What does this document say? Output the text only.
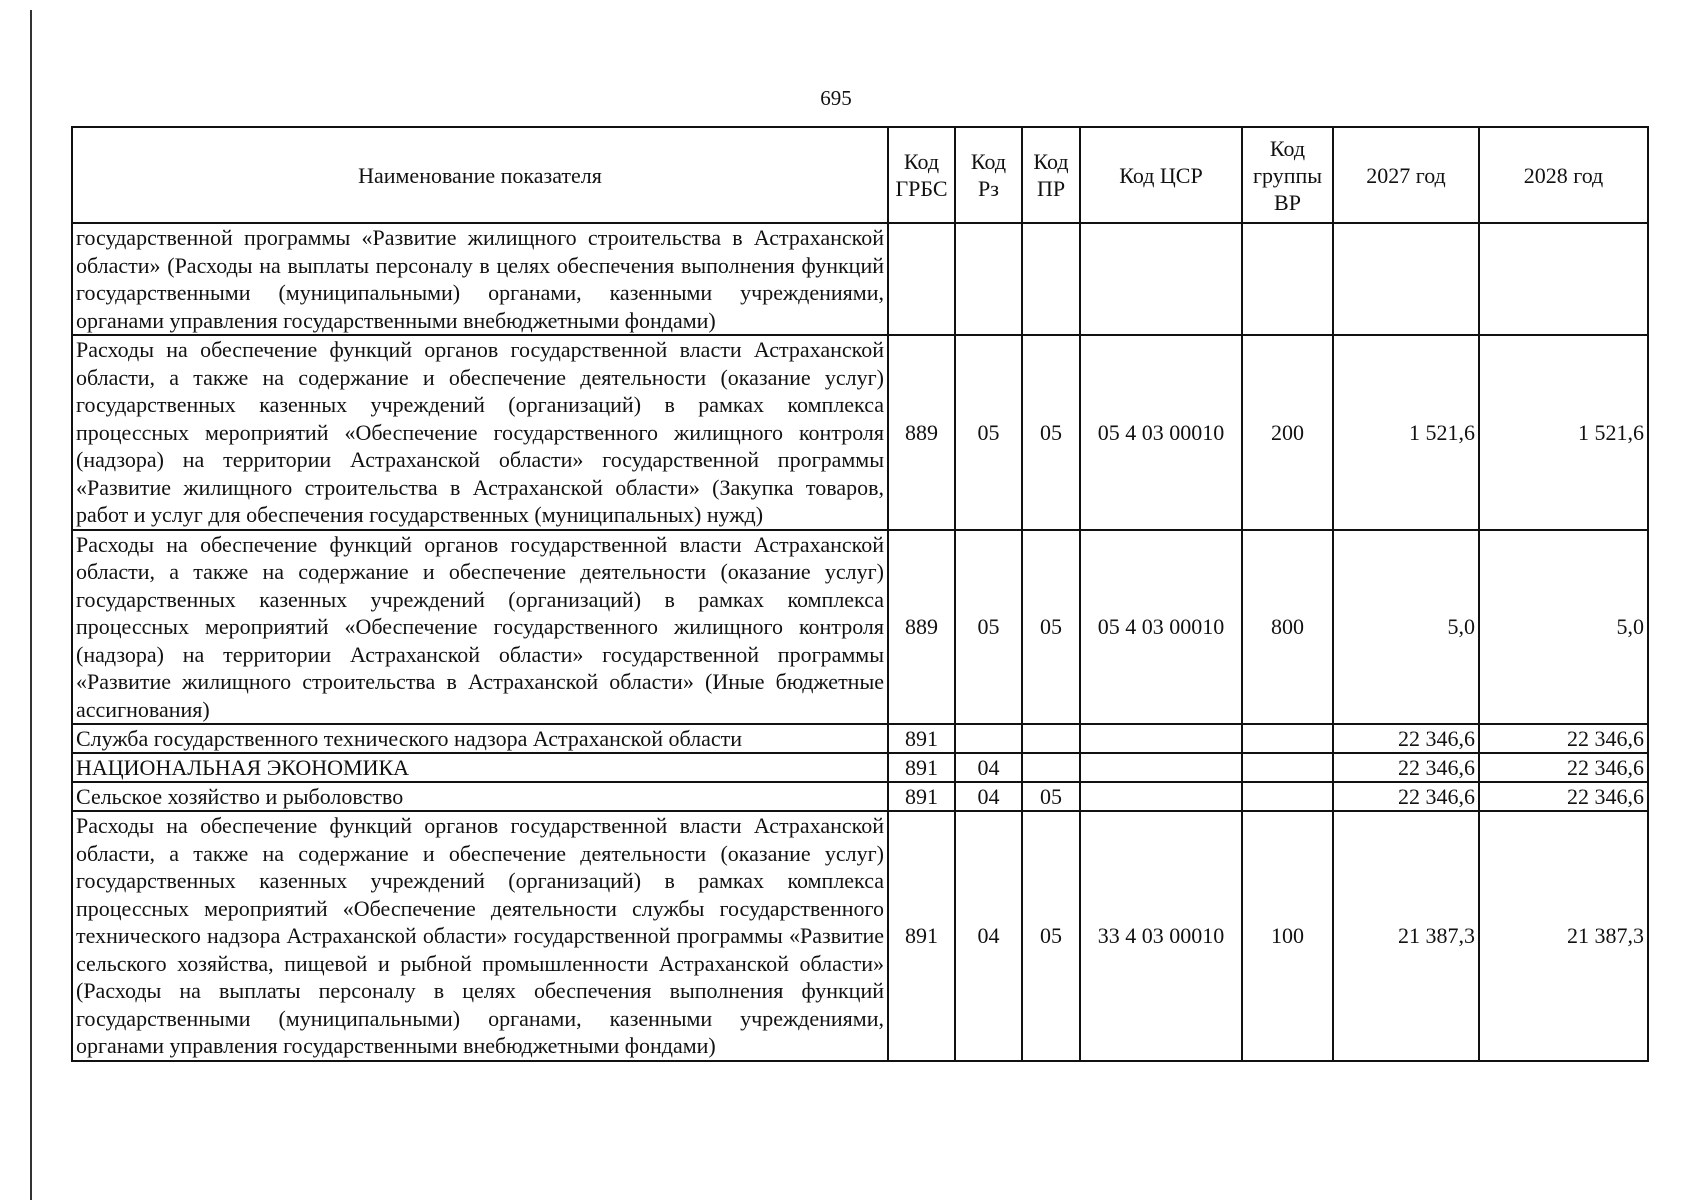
695
Наименование показателя	Код ГРБС	Код Рз	Код ПР	Код ЦСР	Код группы ВР	2027 год	2028 год
государственной программы «Развитие жилищного строительства в Астраханской области» (Расходы на выплаты персоналу в целях обеспечения выполнения функций государственными (муниципальными) органами, казенными учреждениями, органами управления государственными внебюджетными фондами)							
Расходы на обеспечение функций органов государственной власти Астраханской области, а также на содержание и обеспечение деятельности (оказание услуг) государственных казенных учреждений (организаций) в рамках комплекса процессных мероприятий «Обеспечение государственного жилищного контроля (надзора) на территории Астраханской области» государственной программы «Развитие жилищного строительства в Астраханской области» (Закупка товаров, работ и услуг для обеспечения государственных (муниципальных) нужд)	889	05	05	05 4 03 00010	200	1 521,6	1 521,6
Расходы на обеспечение функций органов государственной власти Астраханской области, а также на содержание и обеспечение деятельности (оказание услуг) государственных казенных учреждений (организаций) в рамках комплекса процессных мероприятий «Обеспечение государственного жилищного контроля (надзора) на территории Астраханской области» государственной программы «Развитие жилищного строительства в Астраханской области» (Иные бюджетные ассигнования)	889	05	05	05 4 03 00010	800	5,0	5,0
Служба государственного технического надзора Астраханской области	891					22 346,6	22 346,6
НАЦИОНАЛЬНАЯ ЭКОНОМИКА	891	04				22 346,6	22 346,6
Сельское хозяйство и рыболовство	891	04	05			22 346,6	22 346,6
Расходы на обеспечение функций органов государственной власти Астраханской области, а также на содержание и обеспечение деятельности (оказание услуг) государственных казенных учреждений (организаций) в рамках комплекса процессных мероприятий «Обеспечение деятельности службы государственного технического надзора Астраханской области» государственной программы «Развитие сельского хозяйства, пищевой и рыбной промышленности Астраханской области» (Расходы на выплаты персоналу в целях обеспечения выполнения функций государственными (муниципальными) органами, казенными учреждениями, органами управления государственными внебюджетными фондами)	891	04	05	33 4 03 00010	100	21 387,3	21 387,3
